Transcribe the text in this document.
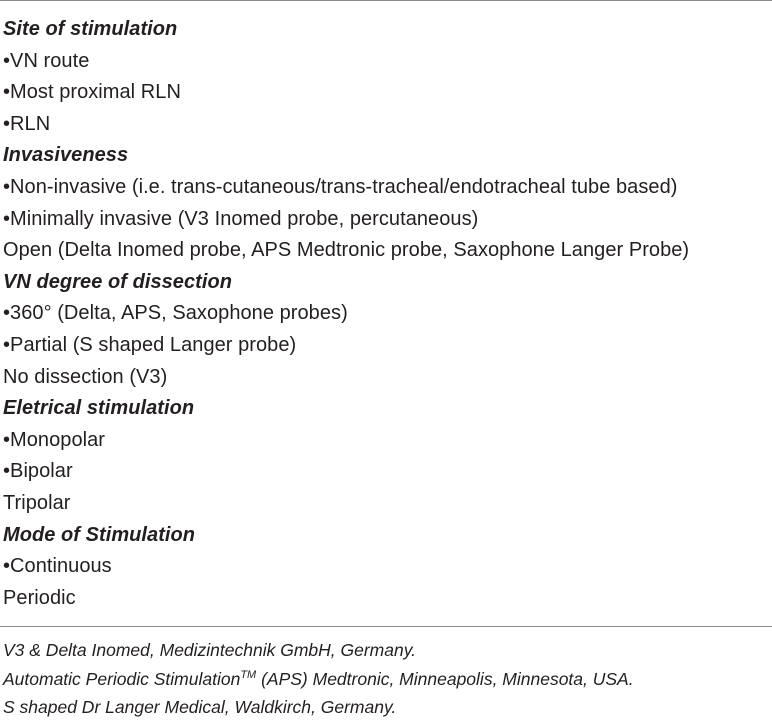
Site of stimulation
•VN route
•Most proximal RLN
•RLN
Invasiveness
•Non-invasive (i.e. trans-cutaneous/trans-tracheal/endotracheal tube based)
•Minimally invasive (V3 Inomed probe, percutaneous)
Open (Delta Inomed probe, APS Medtronic probe, Saxophone Langer Probe)
VN degree of dissection
•360° (Delta, APS, Saxophone probes)
•Partial (S shaped Langer probe)
No dissection (V3)
Eletrical stimulation
•Monopolar
•Bipolar
Tripolar
Mode of Stimulation
•Continuous
Periodic
V3 & Delta Inomed, Medizintechnik GmbH, Germany.
Automatic Periodic Stimulation™ (APS) Medtronic, Minneapolis, Minnesota, USA.
S shaped Dr Langer Medical, Waldkirch, Germany.
